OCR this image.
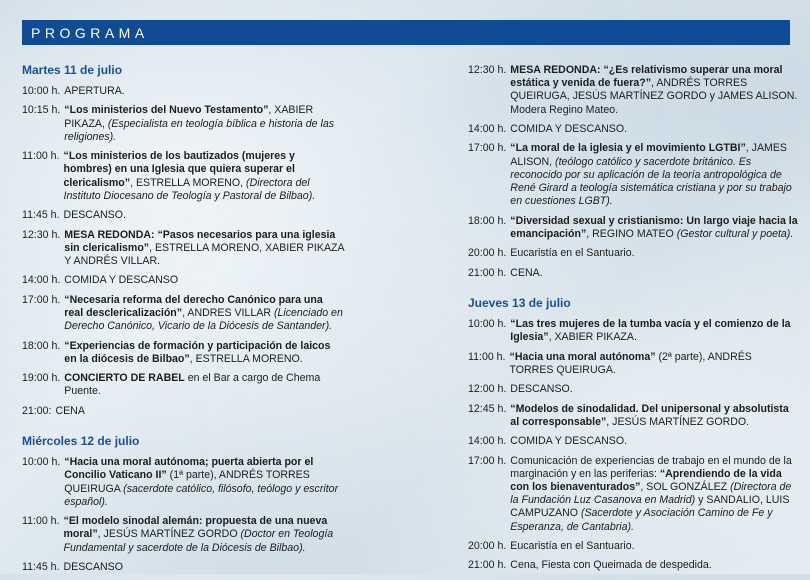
PROGRAMA
Martes 11 de julio
10:00 h. APERTURA.
10:15 h. “Los ministerios del Nuevo Testamento”, XABIER PIKAZA, (Especialista en teología bíblica e historia de las religiones).
11:00 h. “Los ministerios de los bautizados (mujeres y hombres) en una Iglesia que quiera superar el clericalismo”, ESTRELLA MORENO, (Directora del Instituto Diocesano de Teología y Pastoral de Bilbao).
11:45 h. DESCANSO.
12:30 h. MESA REDONDA: “Pasos necesarios para una iglesia sin clericalismo”, ESTRELLA MORENO, XABIER PIKAZA Y ANDRÉS VILLAR.
14:00 h. COMIDA Y DESCANSO
17:00 h. “Necesaria reforma del derecho Canónico para una real desclericalización”, ANDRES VILLAR (Licenciado en Derecho Canónico, Vicario de la Diócesis de Santander).
18:00 h. “Experiencias de formación y participación de laicos en la diócesis de Bilbao”, ESTRELLA MORENO.
19:00 h. CONCIERTO DE RABEL en el Bar a cargo de Chema Puente.
21:00: CENA
Miércoles 12 de julio
10:00 h. “Hacia una moral autónoma; puerta abierta por el Concilio Vaticano II” (1ª parte), ANDRÉS TORRES QUEIRUGA (sacerdote católico, filósofo, teólogo y escritor español).
11:00 h. “El modelo sinodal alemán: propuesta de una nueva moral”, JESÚS MARTÍNEZ GORDO (Doctor en Teología Fundamental y sacerdote de la Diócesis de Bilbao).
11:45 h. DESCANSO
12:30 h. MESA REDONDA: “¿Es relativismo superar una moral estática y venida de fuera?”, ANDRÉS TORRES QUEIRUGA, JESÚS MARTÍNEZ GORDO y JAMES ALISON. Modera Regino Mateo.
14:00 h. COMIDA Y DESCANSO.
17:00 h. “La moral de la iglesia y el movimiento LGTBI”, JAMES ALISON, (teólogo católico y sacerdote británico. Es reconocido por su aplicación de la teoría antropológica de René Girard a teología sistemática cristiana y por su trabajo en cuestiones LGBT).
18:00 h. “Diversidad sexual y cristianismo: Un largo viaje hacia la emancipación”, REGINO MATEO (Gestor cultural y poeta).
20:00 h. Eucaristía en el Santuario.
21:00 h. CENA.
Jueves 13 de julio
10:00 h. “Las tres mujeres de la tumba vacía y el comienzo de la Iglesia”, XABIER PIKAZA.
11:00 h. “Hacia una moral autónoma” (2ª parte), ANDRÉS TORRES QUEIRUGA.
12:00 h. DESCANSO.
12:45 h. “Modelos de sinodalidad. Del unipersonal y absolutista al corresponsable”, JESÚS MARTÍNEZ GORDO.
14:00 h. COMIDA Y DESCANSO.
17:00 h. Comunicación de experiencias de trabajo en el mundo de la marginación y en las periferias: “Aprendiendo de la vida con los bienaventurados”, SOL GONZÁLEZ (Directora de la Fundación Luz Casanova en Madrid) y SANDALIO, LUIS CAMPUZANO (Sacerdote y Asociación Camino de Fe y Esperanza, de Cantabria).
20:00 h. Eucaristía en el Santuario.
21:00 h. Cena, Fiesta con Queimada de despedida.
